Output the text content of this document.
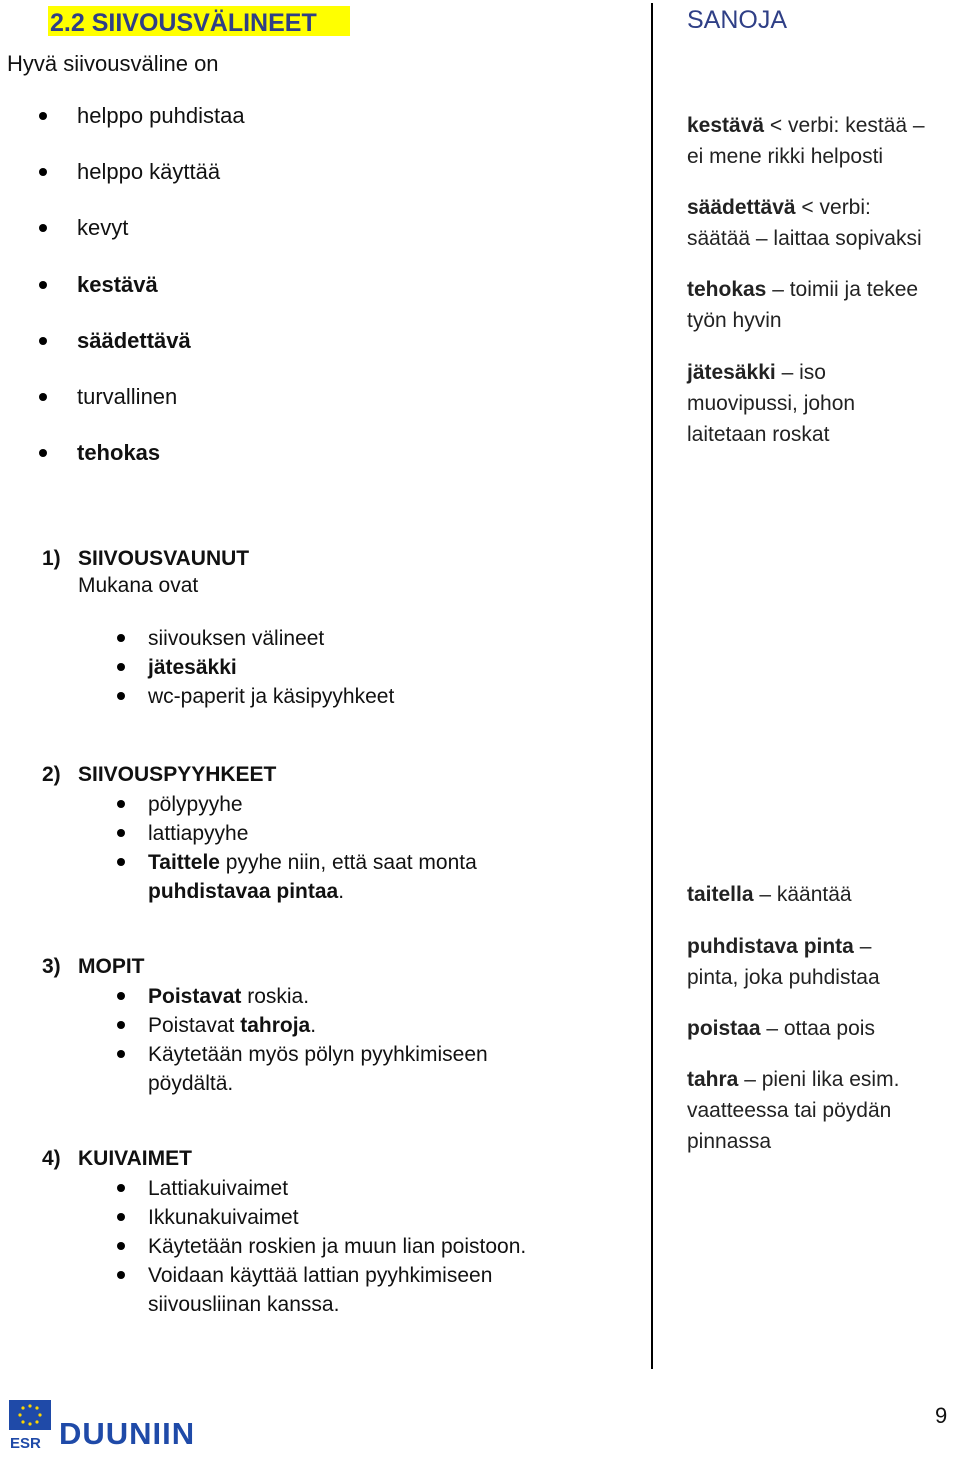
2.2 SIIVOUSVÄLINEET
Hyvä siivousväline on
helppo puhdistaa
helppo käyttää
kevyt
kestävä
säädettävä
turvallinen
tehokas
SANOJA
kestävä < verbi: kestää –
ei mene rikki helposti
säädettävä < verbi:
säätää – laittaa sopivaksi
tehokas – toimii ja tekee
työn hyvin
jätesäkki – iso
muovipussi, johon
laitetaan roskat
taitella – kääntää
puhdistava pinta –
pinta, joka puhdistaa
poistaa – ottaa pois
tahra – pieni lika esim.
vaatteessa tai pöydän
pinnassa
1) SIIVOUSVAUNUT
Mukana ovat
siivouksen välineet
jätesäkki
wc-paperit ja käsipyyhkeet
2) SIIVOUSPYYHKEET
pölypyyhe
lattiapyyhe
Taittele pyyhe niin, että saat monta
puhdistavaa pintaa.
3) MOPIT
Poistavat roskia.
Poistavat tahroja.
Käytetään myös pölyn pyyhkimiseen
pöydältä.
4) KUIVAIMET
Lattiakuivaimet
Ikkunakuivaimet
Käytetään roskien ja muun lian poistoon.
Voidaan käyttää lattian pyyhkimiseen
siivousliinan kanssa.
ESR DUUNIIN
9
